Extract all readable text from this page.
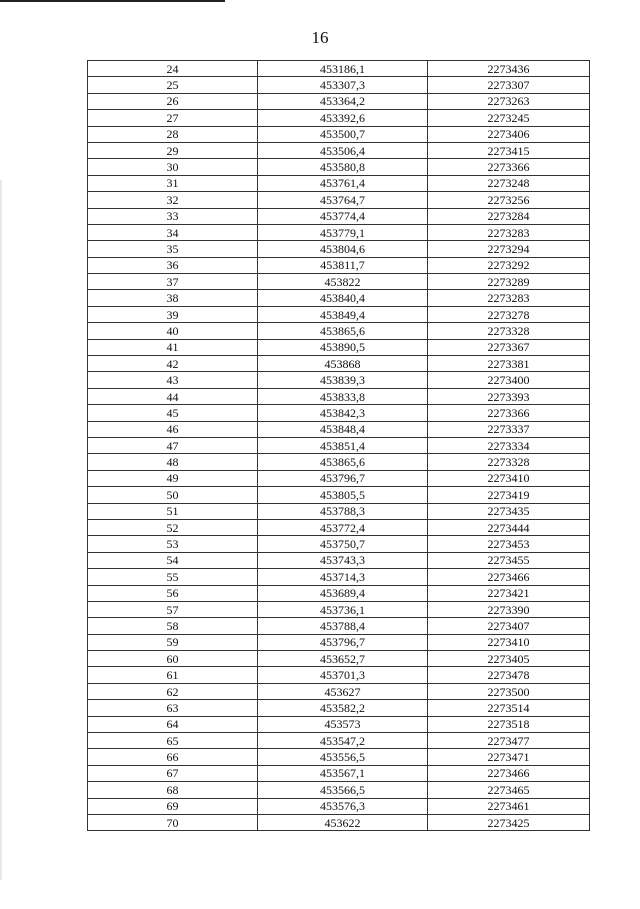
16
24	453186,1	2273436
25	453307,3	2273307
26	453364,2	2273263
27	453392,6	2273245
28	453500,7	2273406
29	453506,4	2273415
30	453580,8	2273366
31	453761,4	2273248
32	453764,7	2273256
33	453774,4	2273284
34	453779,1	2273283
35	453804,6	2273294
36	453811,7	2273292
37	453822	2273289
38	453840,4	2273283
39	453849,4	2273278
40	453865,6	2273328
41	453890,5	2273367
42	453868	2273381
43	453839,3	2273400
44	453833,8	2273393
45	453842,3	2273366
46	453848,4	2273337
47	453851,4	2273334
48	453865,6	2273328
49	453796,7	2273410
50	453805,5	2273419
51	453788,3	2273435
52	453772,4	2273444
53	453750,7	2273453
54	453743,3	2273455
55	453714,3	2273466
56	453689,4	2273421
57	453736,1	2273390
58	453788,4	2273407
59	453796,7	2273410
60	453652,7	2273405
61	453701,3	2273478
62	453627	2273500
63	453582,2	2273514
64	453573	2273518
65	453547,2	2273477
66	453556,5	2273471
67	453567,1	2273466
68	453566,5	2273465
69	453576,3	2273461
70	453622	2273425
